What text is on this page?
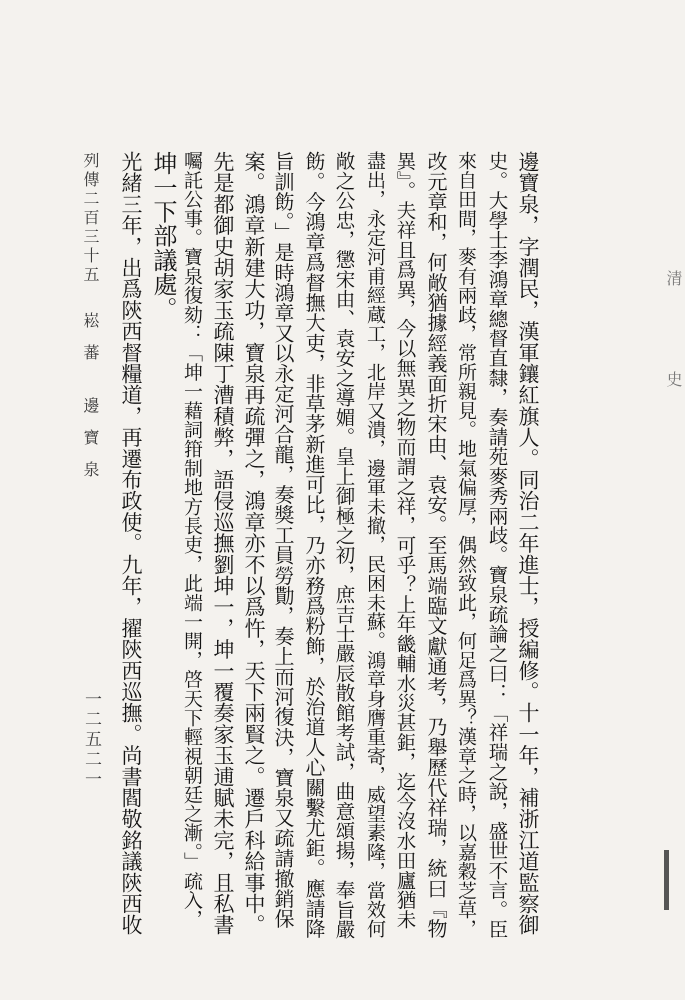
邊寶泉，字潤民，漢軍鑲紅旗人。同治二年進士，授編修。十一年，補浙江道監察御
史。大學士李鴻章總督直隸，奏請苑麥秀兩歧。寶泉疏論之曰：「祥瑞之說，盛世不言。臣
來自田間，麥有兩歧，常所親見。地氣偏厚，偶然致此，何足爲異？漢章之時，以嘉穀芝草，
改元章和，何敞猶據經義面折宋由、袁安。至馬端臨文獻通考，乃舉歷代祥瑞，統曰『物
異』。夫祥且爲異，今以無異之物而謂之祥，可乎？上年畿輔水災甚鉅，迄今沒水田廬猶未
盡出，永定河甫經蔵工，北岸又潰，邊軍未撤，民困未蘇。鴻章身膺重寄，威望素隆，當效何
敞之公忠，懲宋由、袁安之導媚。皇上御極之初，庶吉士嚴辰散館考試，曲意頌揚，奉旨嚴
飭。今鴻章爲督撫大吏，非草茅新進可比，乃亦務爲粉飾，於治道人心關繫尤鉅。應請降
旨訓飭。」是時鴻章又以永定河合龍，奏獎工員勞勩，奏上而河復決，寶泉又疏請撤銷保
案。鴻章新建大功，寶泉再疏彈之，鴻章亦不以爲忤，天下兩賢之。遷戶科給事中。
先是都御史胡家玉疏陳丁漕積弊，語侵巡撫劉坤一，坤一覆奏家玉逋賦未完，且私書
囑託公事。寶泉復劾：「坤一藉詞箝制地方長吏，此端一開，啓天下輕視朝廷之漸。」疏入，
坤一下部議處。
光緒三年，出爲陝西督糧道，再遷布政使。九年，擢陝西巡撫。尚書閻敬銘議陝西收
列傳二百三十五
崧蕃 邊寶泉
一二五二一
清 史
